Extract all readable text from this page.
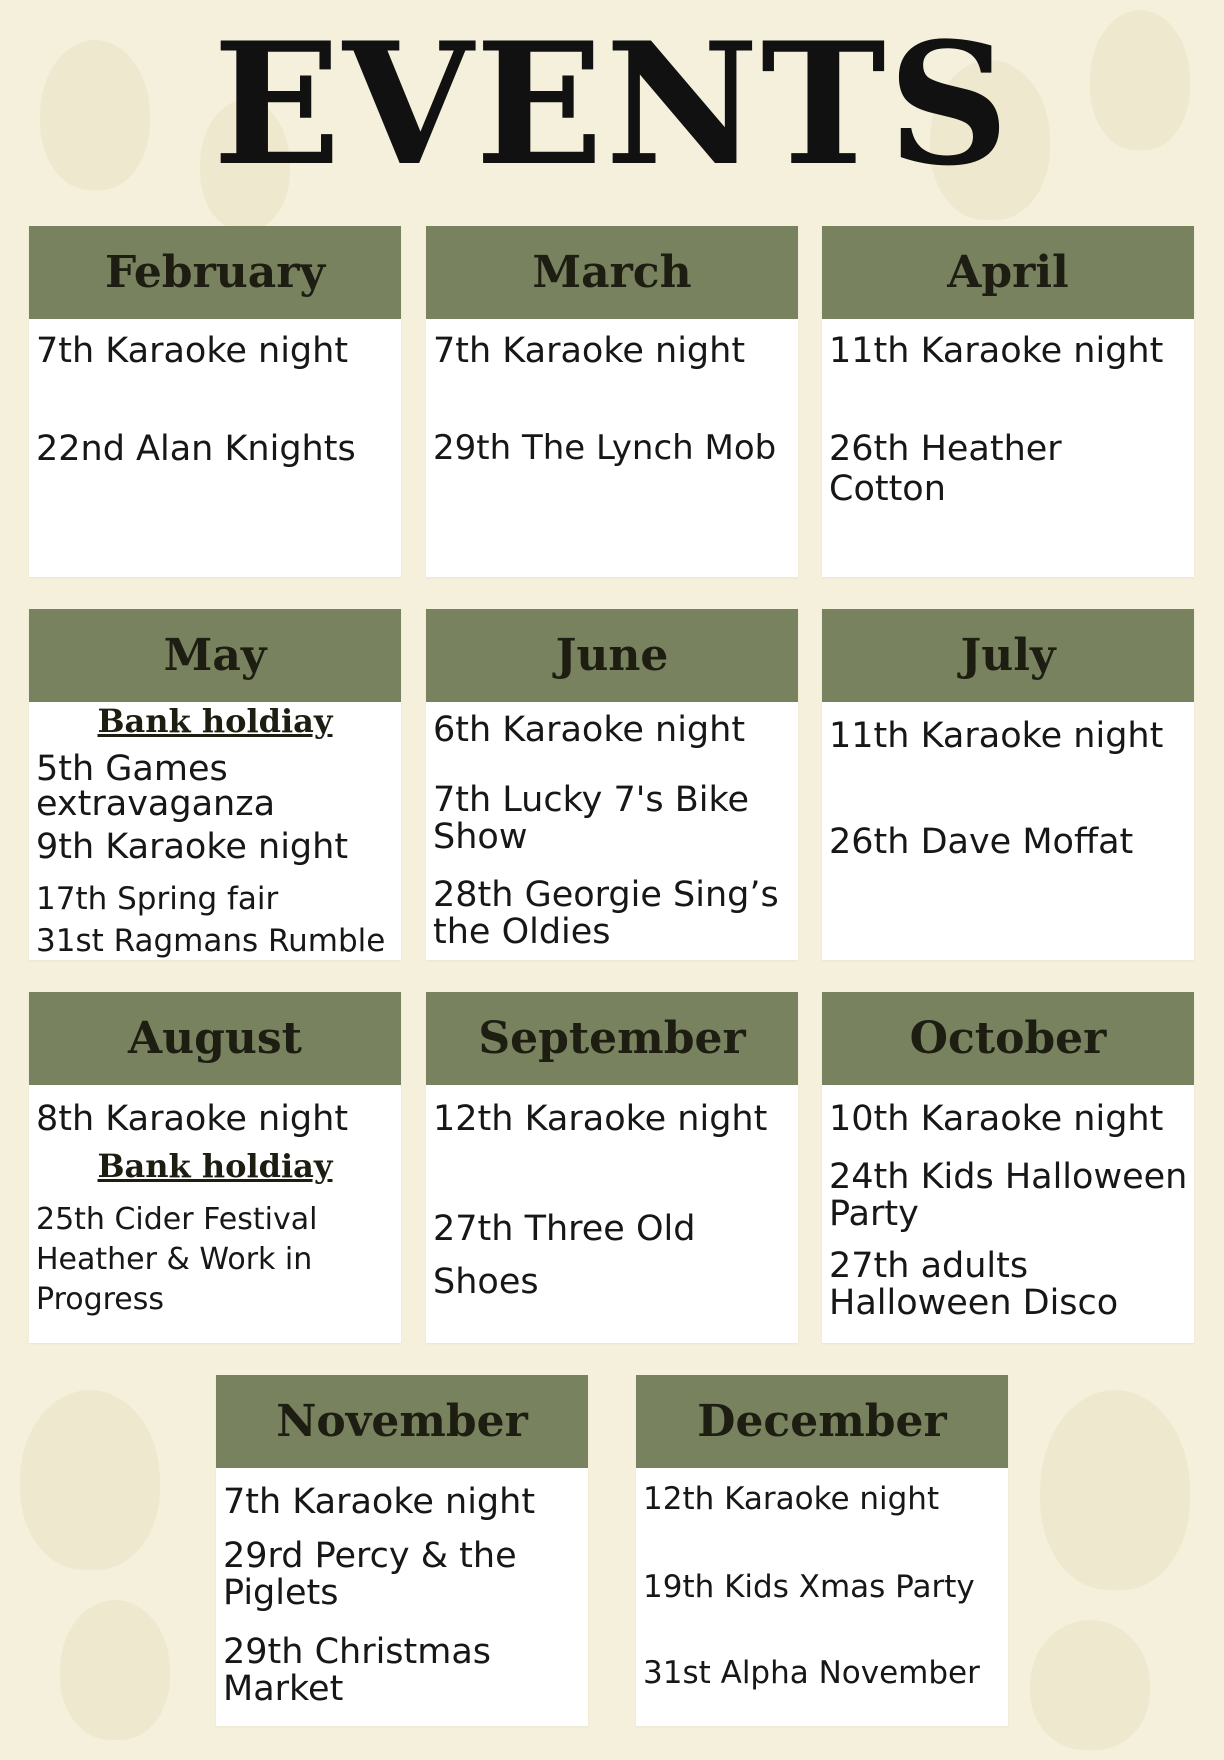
EVENTS
February
7th Karaoke night
22nd Alan Knights
March
7th Karaoke night
29th The Lynch Mob
April
11th Karaoke night
26th Heather Cotton
May
Bank holdiay
5th Games extravaganza
9th Karaoke night
17th Spring fair
31st Ragmans Rumble
June
6th Karaoke night
7th Lucky 7's Bike Show
28th Georgie Sing’s the Oldies
July
11th Karaoke night
26th Dave Moffat
August
8th Karaoke night
Bank holdiay
25th Cider Festival Heather & Work in Progress
September
12th Karaoke night
27th Three Old Shoes
October
10th Karaoke night
24th Kids Halloween Party
27th adults Halloween Disco
November
7th Karaoke night
29rd Percy & the Piglets
29th Christmas Market
December
12th Karaoke night
19th Kids Xmas Party
31st Alpha November
